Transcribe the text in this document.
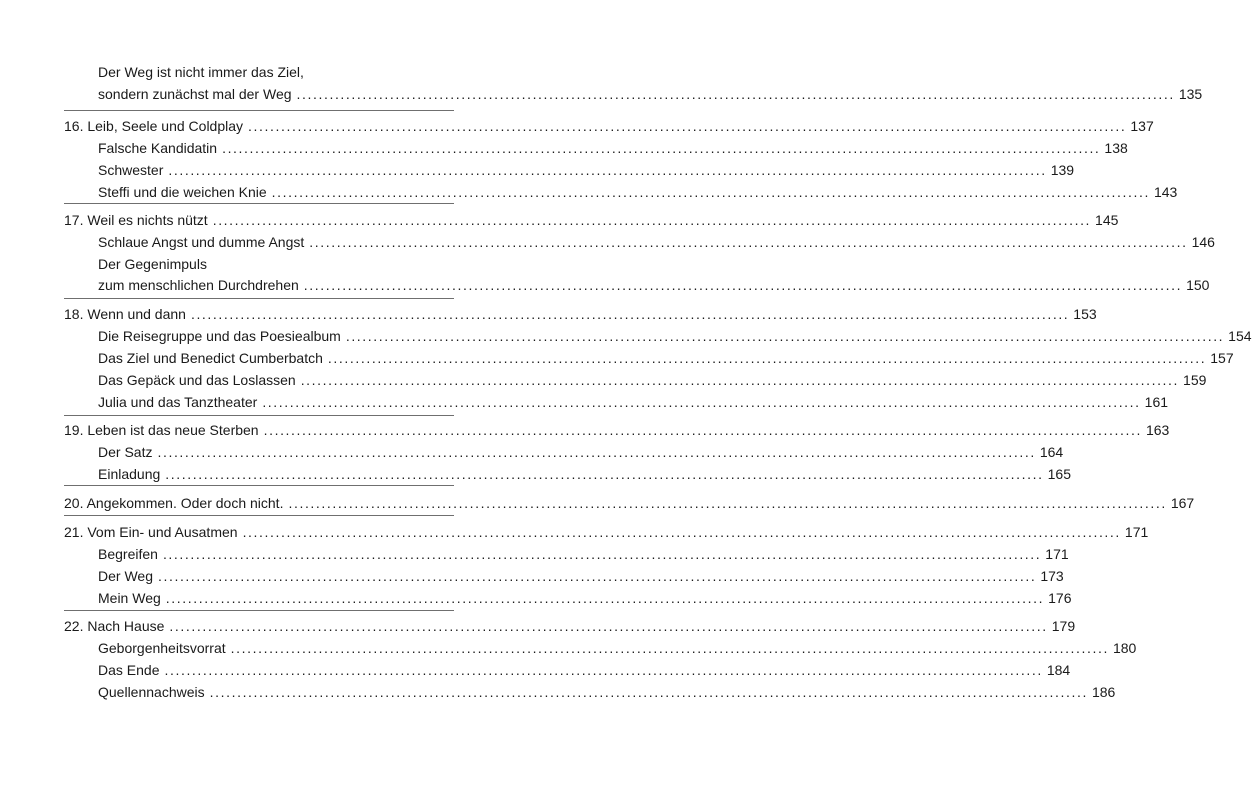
Der Weg ist nicht immer das Ziel,
sondern zunächst mal der Weg ................................................................................................................................................................ 135
16. Leib, Seele und Coldplay ................................................................................................................................................................ 137
Falsche Kandidatin ................................................................................................................................................................ 138
Schwester ................................................................................................................................................................ 139
Steffi und die weichen Knie ................................................................................................................................................................ 143
17. Weil es nichts nützt ................................................................................................................................................................ 145
Schlaue Angst und dumme Angst ................................................................................................................................................................ 146
Der Gegenimpuls
zum menschlichen Durchdrehen ................................................................................................................................................................ 150
18. Wenn und dann ................................................................................................................................................................ 153
Die Reisegruppe und das Poesiealbum ................................................................................................................................................................ 154
Das Ziel und Benedict Cumberbatch ................................................................................................................................................................ 157
Das Gepäck und das Loslassen ................................................................................................................................................................ 159
Julia und das Tanztheater ................................................................................................................................................................ 161
19. Leben ist das neue Sterben ................................................................................................................................................................ 163
Der Satz ................................................................................................................................................................ 164
Einladung ................................................................................................................................................................ 165
20. Angekommen. Oder doch nicht. ................................................................................................................................................................ 167
21. Vom Ein- und Ausatmen ................................................................................................................................................................ 171
Begreifen ................................................................................................................................................................ 171
Der Weg ................................................................................................................................................................ 173
Mein Weg ................................................................................................................................................................ 176
22. Nach Hause ................................................................................................................................................................ 179
Geborgenheitsvorrat ................................................................................................................................................................ 180
Das Ende ................................................................................................................................................................ 184
Quellennachweis ................................................................................................................................................................ 186
